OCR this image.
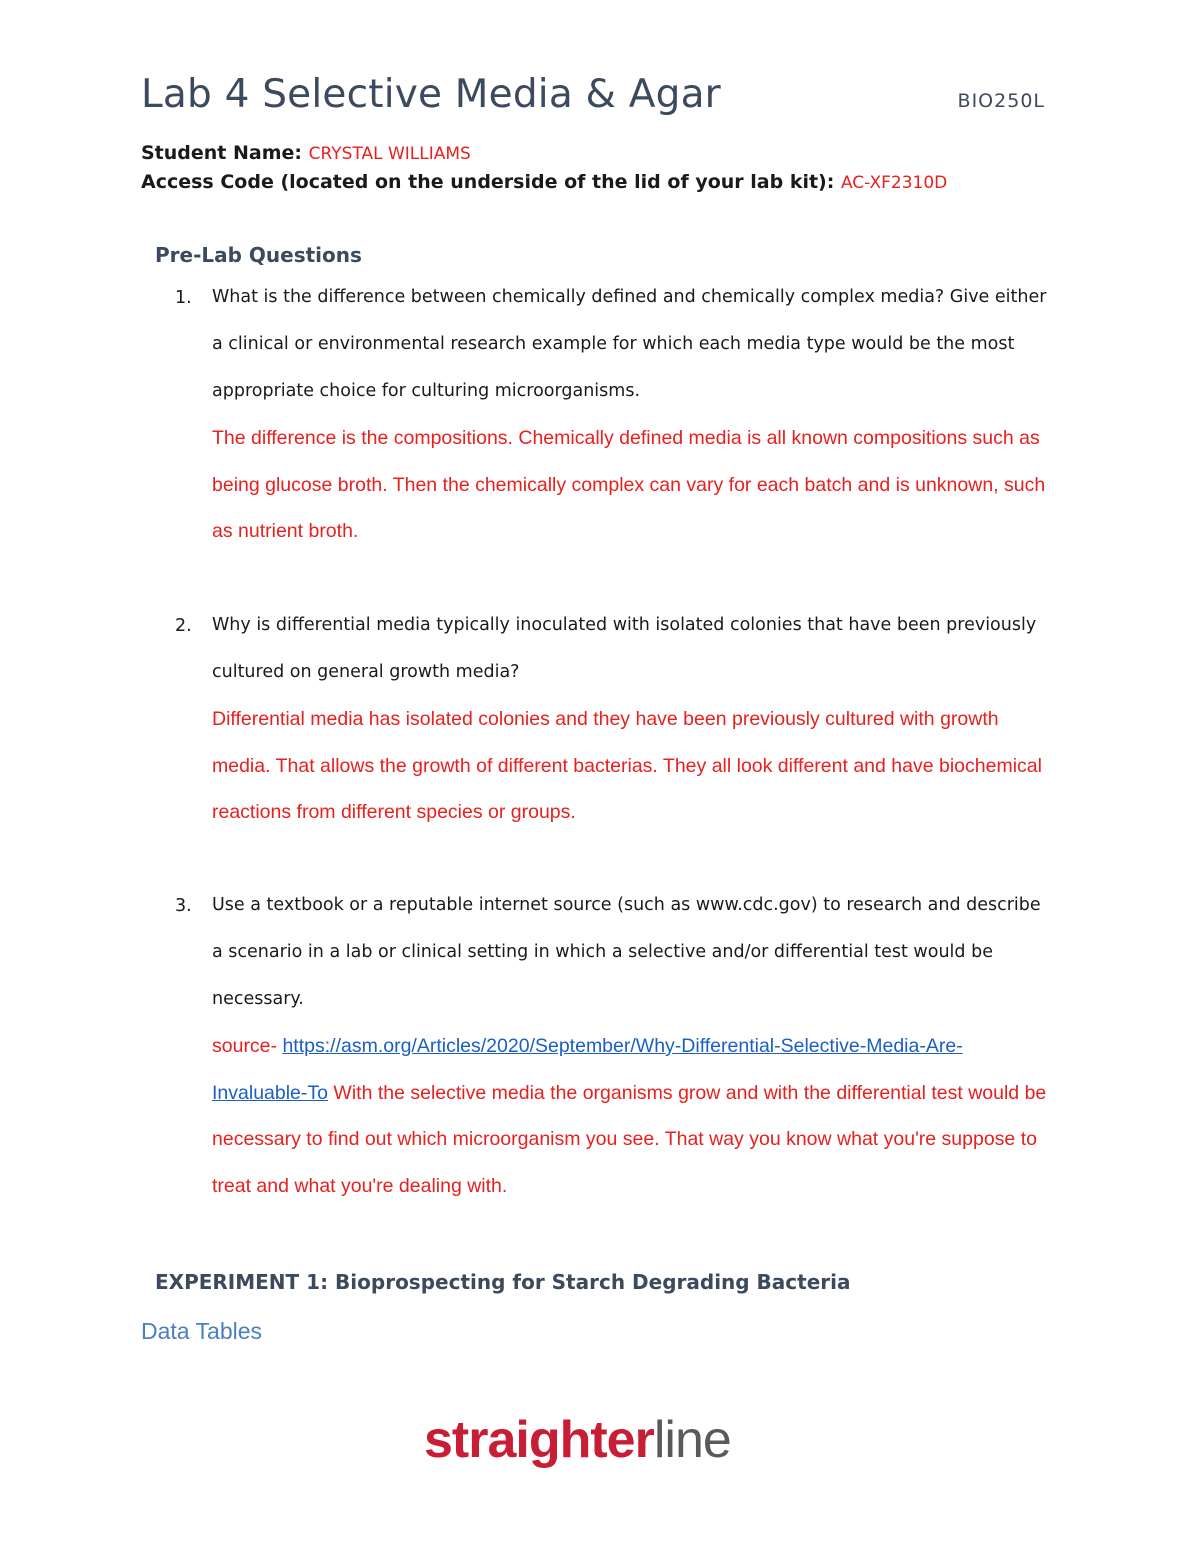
Lab 4 Selective Media & Agar	BIO250L
Student Name: CRYSTAL WILLIAMS
Access Code (located on the underside of the lid of your lab kit): AC-XF2310D
Pre-Lab Questions
1. What is the difference between chemically defined and chemically complex media? Give either a clinical or environmental research example for which each media type would be the most appropriate choice for culturing microorganisms.

The difference is the compositions. Chemically defined media is all known compositions such as being glucose broth. Then the chemically complex can vary for each batch and is unknown, such as nutrient broth.

2. Why is differential media typically inoculated with isolated colonies that have been previously cultured on general growth media?

Differential media has isolated colonies and they have been previously cultured with growth media. That allows the growth of different bacterias. They all look different and have biochemical reactions from different species or groups.

3. Use a textbook or a reputable internet source (such as www.cdc.gov) to research and describe a scenario in a lab or clinical setting in which a selective and/or differential test would be necessary.

source- https://asm.org/Articles/2020/September/Why-Differential-Selective-Media-Are-Invaluable-To With the selective media the organisms grow and with the differential test would be necessary to find out which microorganism you see. That way you know what you're suppose to treat and what you're dealing with.

EXPERIMENT 1: Bioprospecting for Starch Degrading Bacteria
Data Tables
straighterline
